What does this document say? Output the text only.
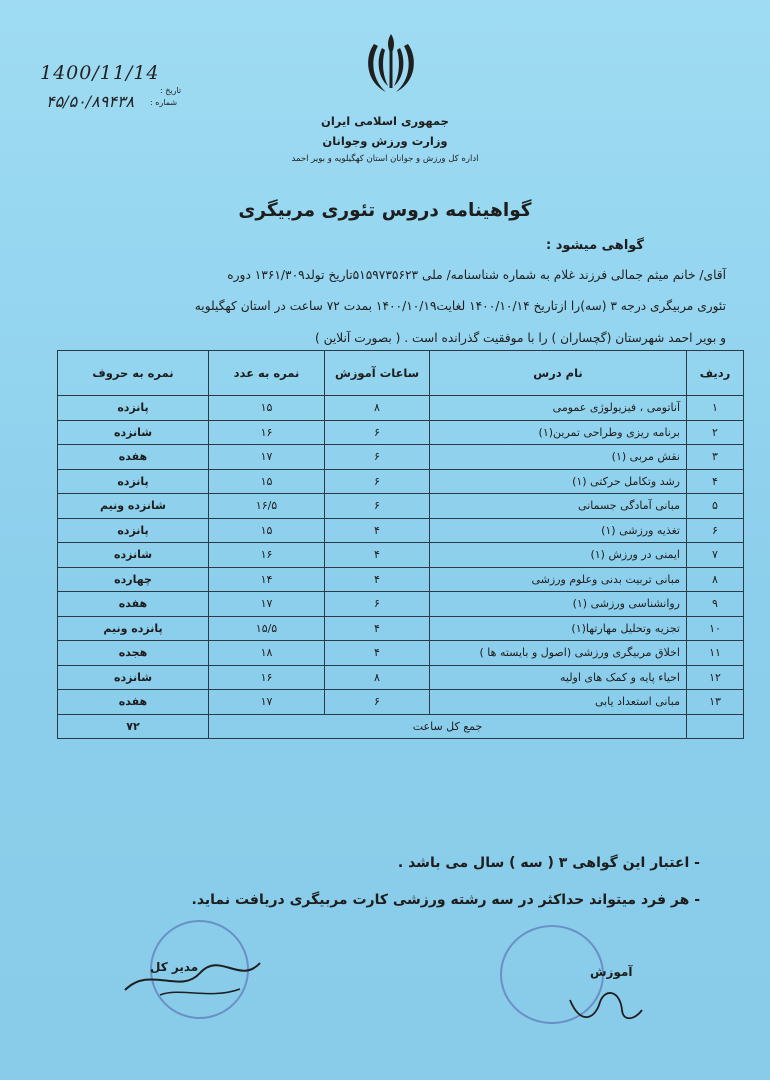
جمهوری اسلامی ایران
وزارت ورزش وجوانان
اداره کل ورزش و جوانان استان کهگیلویه و بویر احمد
1400/11/14
تاریخ :
۴۵/۵۰/۸۹۴۳۸ شماره :
گواهینامه دروس تئوری مربیگری
گواهی میشود :
آقای/ خانم میثم جمالی فرزند غلام به شماره شناسنامه/ ملی ۵۱۵۹۷۳۵۶۲۳تاریخ تولد۱۳۶۱/۳۰۹ دوره
تئوری مربیگری درجه ۳ (سه)را ازتاریخ ۱۴۰۰/۱۰/۱۴ لغایت۱۴۰۰/۱۰/۱۹ بمدت ۷۲ ساعت در استان کهگیلویه
و بویر احمد شهرستان (گچساران ) را با موفقیت گذرانده است . ( بصورت آنلاین )
ردیف	نام درس	ساعات آموزش	نمره به عدد	نمره به حروف
۱	آناتومی ، فیزیولوژی عمومی	۸	۱۵	پانزده
۲	برنامه ریزی وطراحی تمرین(۱)	۶	۱۶	شانزده
۳	نقش مربی (۱)	۶	۱۷	هفده
۴	رشد وتکامل حرکتی (۱)	۶	۱۵	پانزده
۵	مبانی آمادگی جسمانی	۶	۱۶/۵	شانزده ونیم
۶	تغذیه ورزشی (۱)	۴	۱۵	پانزده
۷	ایمنی در ورزش (۱)	۴	۱۶	شانزده
۸	مبانی تربیت بدنی وعلوم ورزشی	۴	۱۴	چهارده
۹	روانشناسی ورزشی (۱)	۶	۱۷	هفده
۱۰	تجزیه وتحلیل مهارتها(۱)	۴	۱۵/۵	پانزده ونیم
۱۱	اخلاق مربیگری ورزشی (اصول و بایسته ها )	۴	۱۸	هجده
۱۲	احیاء پایه و کمک های اولیه	۸	۱۶	شانزده
۱۳	مبانی استعداد یابی	۶	۱۷	هفده
	جمع کل ساعت			۷۲
- اعتبار این گواهی ۳ ( سه ) سال می باشد .
- هر فرد میتواند حداکثر در سه رشته ورزشی کارت مربیگری دریافت نماید.
مدیر کل	آموزش
